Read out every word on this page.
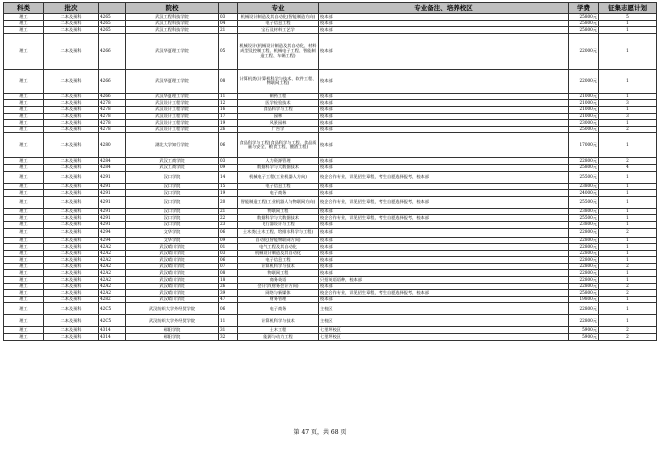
科类	批次		院校		专业	专业备注、培养校区	学费	征集志愿计划
理工	二本及预科	4265	武汉工程科技学院	03	机械设计制造及其自动化(智能制造方向)	校本部	25800元	5
理工	二本及预科	4265	武汉工程科技学院	04	电子信息工程	校本部	25800元	1
理工	二本及预科	4265	武汉工程科技学院	21	宝石及材料工艺学	校本部	25800元	1
理工	二本及预科	4266	武汉华夏理工学院	05	机械设计(机械设计制造及其自动化、材料成型及控制工程、机械电子工程、智能制造工程、车辆工程)	校本部	22000元	1
理工	二本及预科	4266	武汉华夏理工学院	08	计算机类(计算机科学与技术、软件工程、物联网工程)	校本部	22000元	1
理工	二本及预科	4266	武汉华夏理工学院	11	制药工程	校本部	21000元	1
理工	二本及预科	4278	武汉设计工程学院	12	医学检验技术	校本部	21000元	3
理工	二本及预科	4278	武汉设计工程学院	16	食品科学与工程	校本部	21000元	1
理工	二本及预科	4278	武汉设计工程学院	17	园林	校本部	21000元	3
理工	二本及预科	4278	武汉设计工程学院	19	风景园林	校本部	23000元	1
理工	二本及预科	4278	武汉设计工程学院	26	广告学	校本部	25000元	2
理工	二本及预科	4280	湖北大学知行学院	06	食品科学与工程(食品科学与工程、食品质量与安全、粮食工程、酿酒工程)	校本部	17000元	1
理工	二本及预科	4284	武汉工商学院	03	人力资源管理	校本部	22800元	2
理工	二本及预科	4284	武汉工商学院	09	数据科学与大数据技术	校本部	25800元	4
理工	二本及预科	4291	汉口学院	14	机械电子工程(工业机器人方向)	校企合作专业，详见招生章程，考生自愿选择报考，校本部	25500元	1
理工	二本及预科	4291	汉口学院	15	电子信息工程	校本部	23800元	1
理工	二本及预科	4291	汉口学院	19	电子商务	校本部	24000元	1
理工	二本及预科	4291	汉口学院	20	智能制造工程(工业机器人与物联网方向)	校企合作专业，详见招生章程，考生自愿选择报考，校本部	25500元	1
理工	二本及预科	4291	汉口学院	21	物联网工程	校本部	23800元	1
理工	二本及预科	4291	汉口学院	22	数据科学与大数据技术	校企合作专业，详见招生章程，考生自愿选择报考，校本部	25500元	1
理工	二本及预科	4291	汉口学院	23	飞行器设计与工程	校本部	23800元	1
理工	二本及预科	4294	文华学院	06	土木类(土木工程、给排水科学与工程)	校本部	22800元	2
理工	二本及预科	4294	文华学院	09	自动化(智能物联网方向)	校本部	22800元	1
理工	二本及预科	42A2	武汉晴川学院	01	电气工程及其自动化	校本部	22800元	1
理工	二本及预科	42A2	武汉晴川学院	03	机械设计制造及其自动化	校本部	22800元	1
理工	二本及预科	42A2	武汉晴川学院	06	电子信息工程	校本部	22800元	1
理工	二本及预科	42A2	武汉晴川学院	07	计算机科学与技术	校本部	22800元	2
理工	二本及预科	42A2	武汉晴川学院	08	物联网工程	校本部	22800元	1
理工	二本及预科	42A2	武汉晴川学院	18	商务英语	只招英语语种，校本部	22800元	1
理工	二本及预科	42A2	武汉晴川学院	26	会计学(财务会计方向)	校本部	22800元	2
理工	二本及预科	42A2	武汉晴川学院	39	网络与新媒体	校企合作专业，详见招生章程，考生自愿选择报考，校本部	25800元	2
理工	二本及预科	4282	武汉晴川学院	47	财务管理	校本部	19800元	1
理工	二本及预科	42C5	武汉纺织大学外经贸学院	06	电子商务	主校区	22800元	1
理工	二本及预科	42C5	武汉纺织大学外经贸学院	11	计算机科学与技术	主校区	22800元	1
理工	二本及预科	4314	郧阳学院	31	土木工程	七里坪校区	5900元	2
理工	二本及预科	4314	郧阳学院	32	能源与动力工程	七里坪校区	5900元	2
第 47 页，共 68 页
